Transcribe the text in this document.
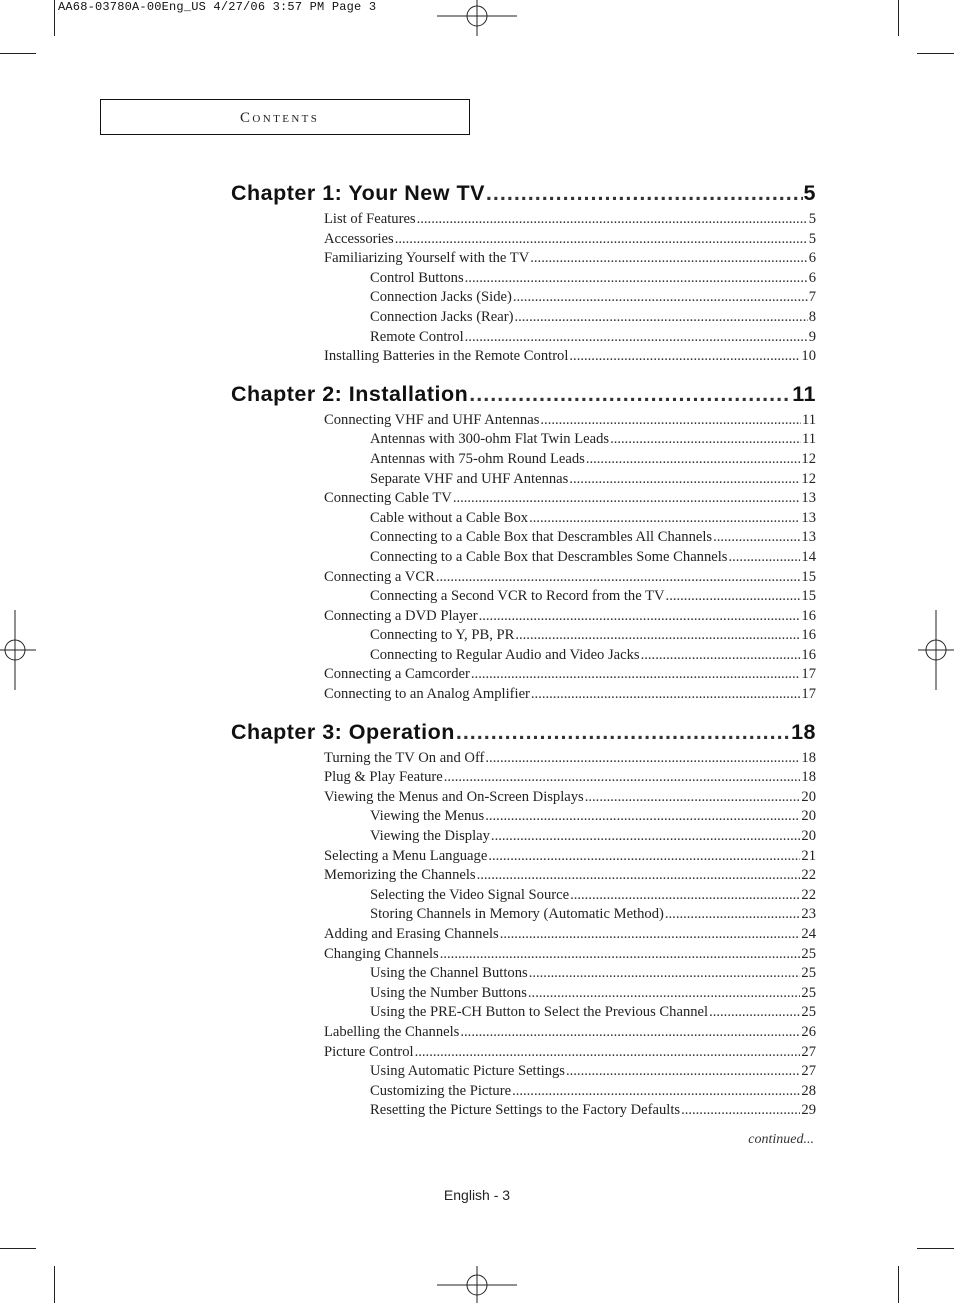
AA68-03780A-00Eng_US 4/27/06 3:57 PM Page 3
Contents
Chapter 1: Your New TV .....	5
List of Features .....	5
Accessories .....	5
Familiarizing Yourself with the TV .....	6
Control Buttons .....	6
Connection Jacks (Side) .....	7
Connection Jacks (Rear) .....	8
Remote Control .....	9
Installing Batteries in the Remote Control .....	10
Chapter 2: Installation .....	11
Connecting VHF and UHF Antennas .....	11
Antennas with 300-ohm Flat Twin Leads .....	11
Antennas with 75-ohm Round Leads .....	12
Separate VHF and UHF Antennas .....	12
Connecting Cable TV .....	13
Cable without a Cable Box .....	13
Connecting to a Cable Box that Descrambles All Channels .....	13
Connecting to a Cable Box that Descrambles Some Channels .....	14
Connecting a VCR .....	15
Connecting a Second VCR to Record from the TV .....	15
Connecting a DVD Player .....	16
Connecting to Y, PB, PR .....	16
Connecting to Regular Audio and Video Jacks .....	16
Connecting a Camcorder .....	17
Connecting to an Analog Amplifier .....	17
Chapter 3: Operation .....	18
Turning the TV On and Off .....	18
Plug & Play Feature .....	18
Viewing the Menus and On-Screen Displays .....	20
Viewing the Menus .....	20
Viewing the Display .....	20
Selecting a Menu Language .....	21
Memorizing the Channels .....	22
Selecting the Video Signal Source .....	22
Storing Channels in Memory (Automatic Method) .....	23
Adding and Erasing Channels .....	24
Changing Channels .....	25
Using the Channel Buttons .....	25
Using the Number Buttons .....	25
Using the PRE-CH Button to Select the Previous Channel .....	25
Labelling the Channels .....	26
Picture Control .....	27
Using Automatic Picture Settings .....	27
Customizing the Picture .....	28
Resetting the Picture Settings to the Factory Defaults .....	29
continued...
English - 3
